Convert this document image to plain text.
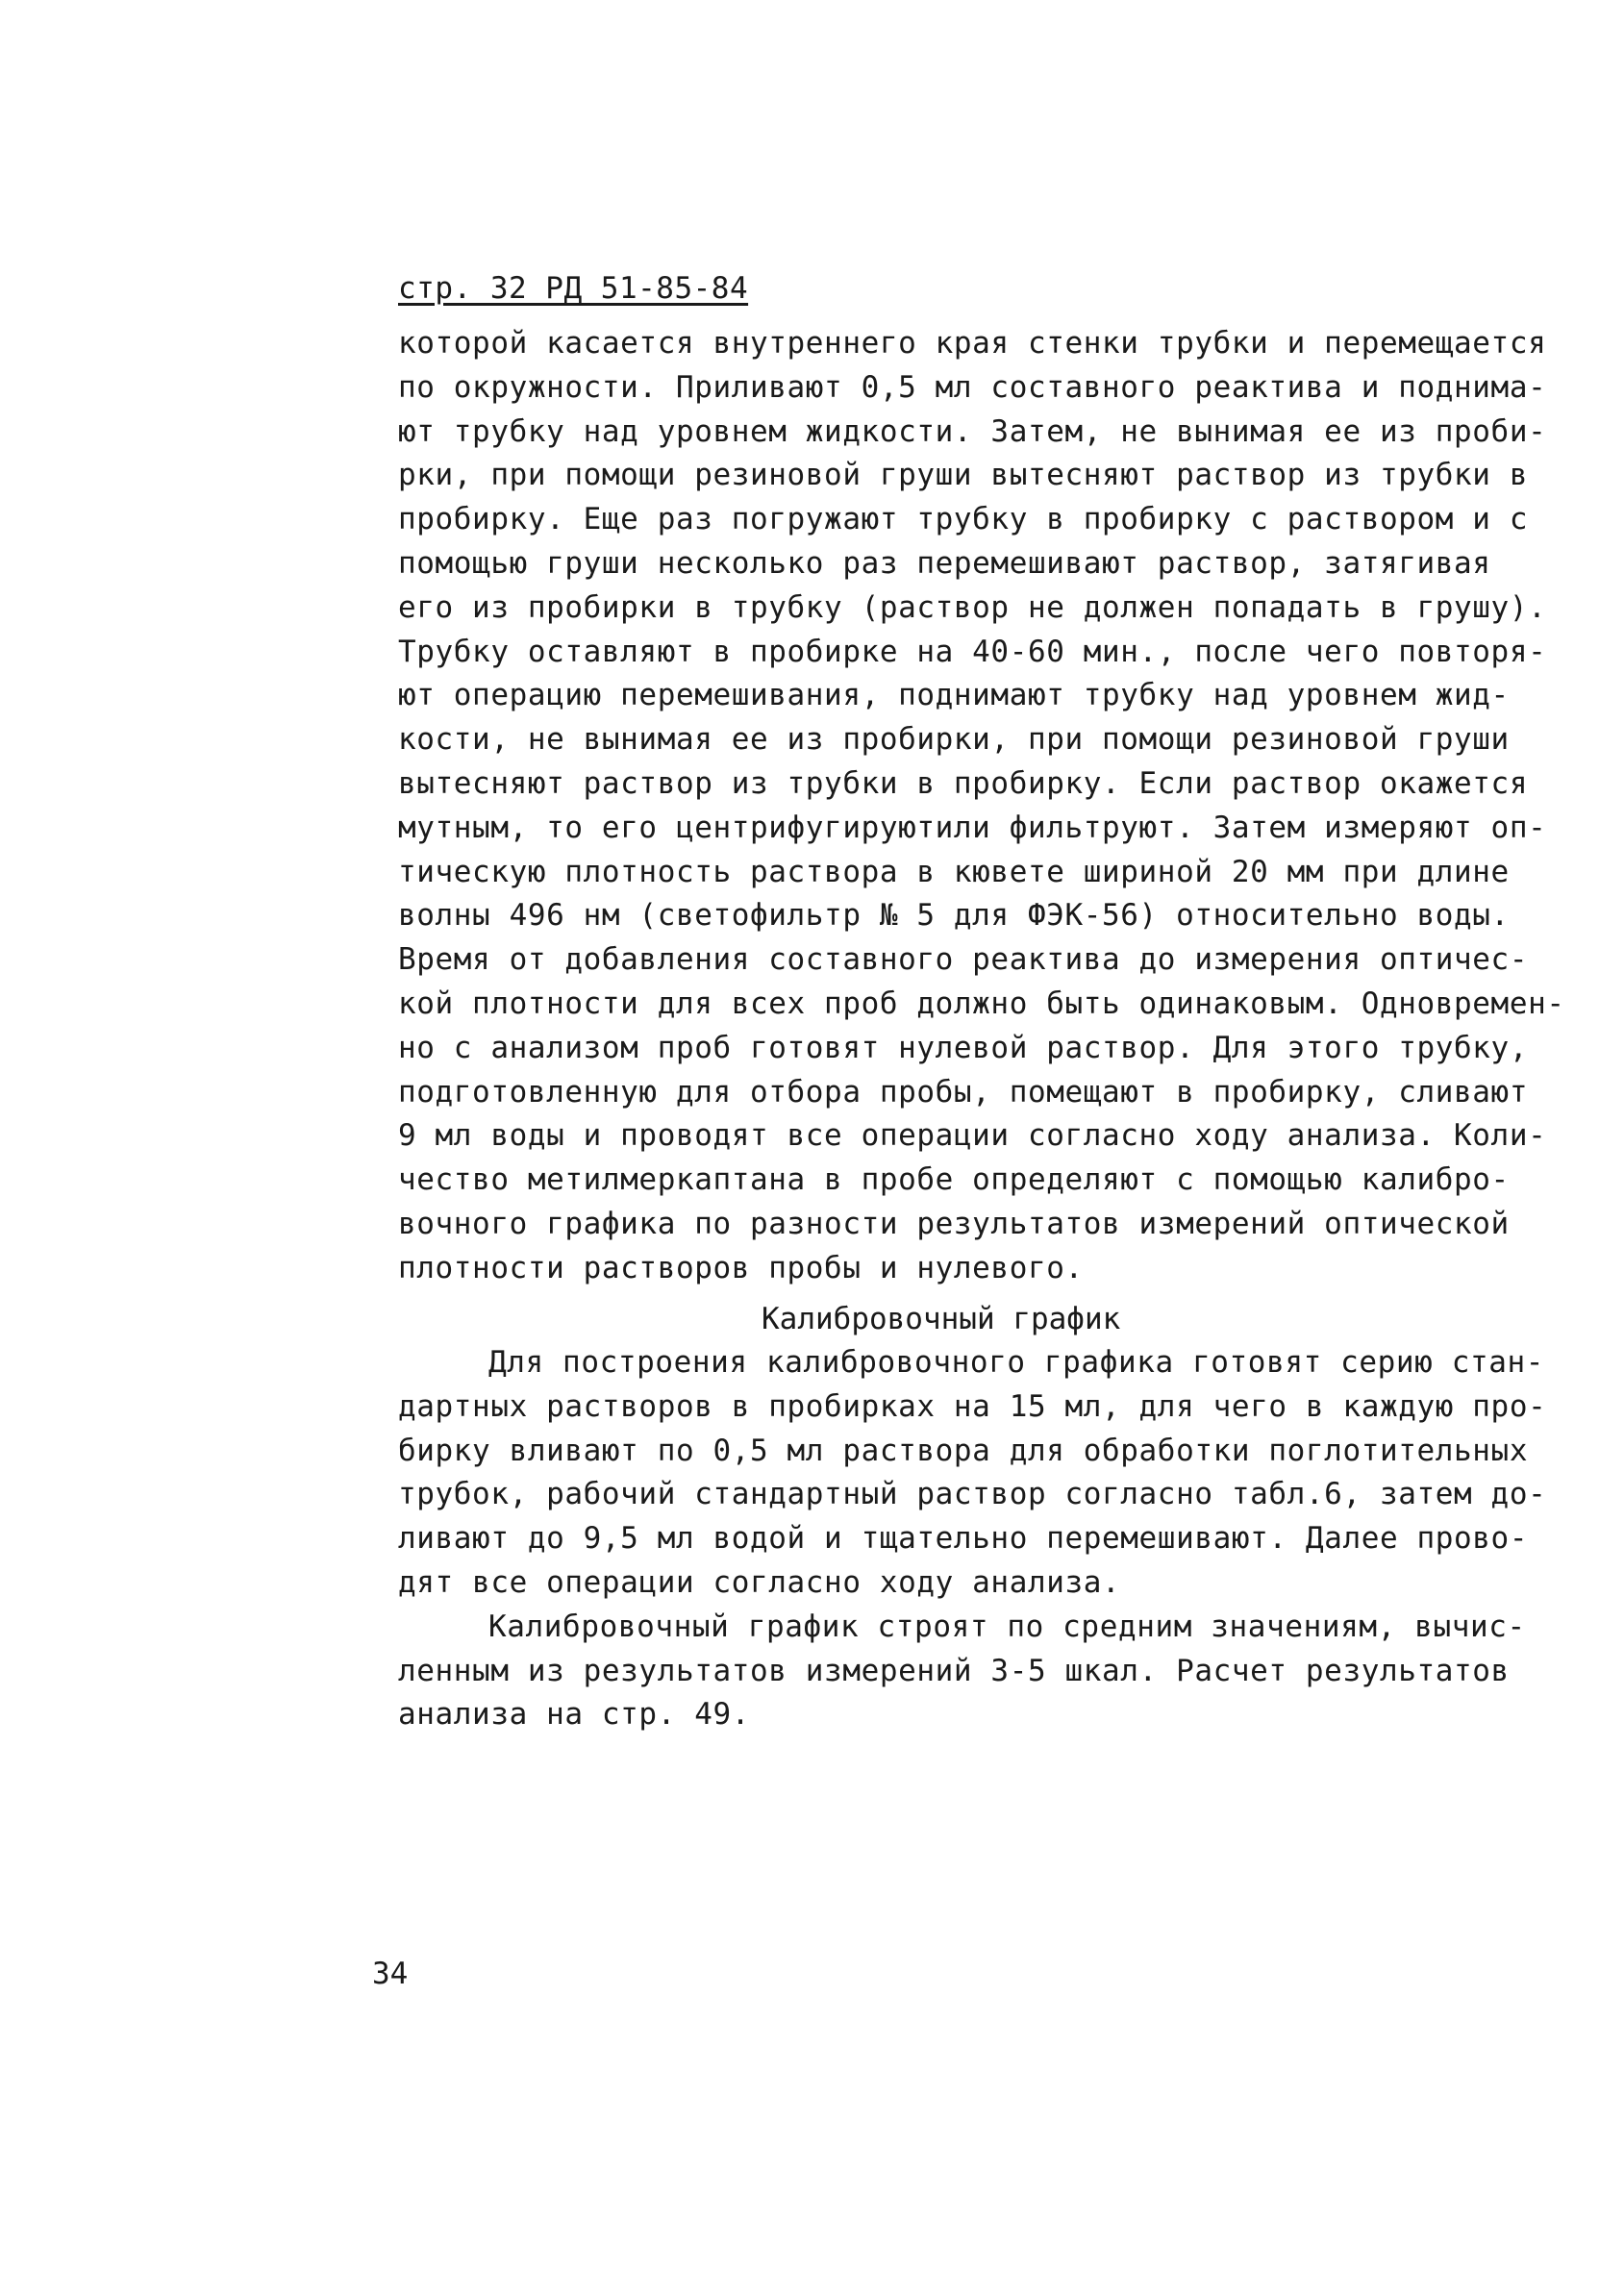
стр. 32 РД 51-85-84
которой касается внутреннего края стенки трубки и перемещается
по окружности. Приливают 0,5 мл составного реактива и поднима-
ют трубку над уровнем жидкости. Затем, не вынимая ее из проби-
рки, при помощи резиновой груши вытесняют раствор из трубки в
пробирку. Еще раз погружают трубку в пробирку с раствором и с
помощью груши несколько раз перемешивают раствор, затягивая
его из пробирки в трубку (раствор не должен попадать в грушу).
Трубку оставляют в пробирке на 40-60 мин., после чего повторя-
ют операцию перемешивания, поднимают трубку над уровнем жид-
кости, не вынимая ее из пробирки, при помощи резиновой груши
вытесняют раствор из трубки в пробирку. Если раствор окажется
мутным, то его центрифугируютили фильтруют. Затем измеряют оп-
тическую плотность раствора в кювете шириной 20 мм при длине
волны 496 нм (светофильтр № 5 для ФЭК-56) относительно воды.
Время от добавления составного реактива до измерения оптичес-
кой плотности для всех проб должно быть одинаковым. Одновремен-
но с анализом проб готовят нулевой раствор. Для этого трубку,
подготовленную для отбора пробы, помещают в пробирку, сливают
9 мл воды и проводят все операции согласно ходу анализа. Коли-
чество метилмеркаптана в пробе определяют с помощью калибро-
вочного графика по разности результатов измерений оптической
плотности растворов пробы и нулевого.
Калибровочный график
Для построения калибровочного графика готовят серию стан-
дартных растворов в пробирках на 15 мл, для чего в каждую про-
бирку вливают по 0,5 мл раствора для обработки поглотительных
трубок, рабочий стандартный раствор согласно табл.6, затем до-
ливают до 9,5 мл водой и тщательно перемешивают. Далее прово-
дят все операции согласно ходу анализа.
Калибровочный график строят по средним значениям, вычис-
ленным из результатов измерений 3-5 шкал. Расчет результатов
анализа на стр. 49.
34
